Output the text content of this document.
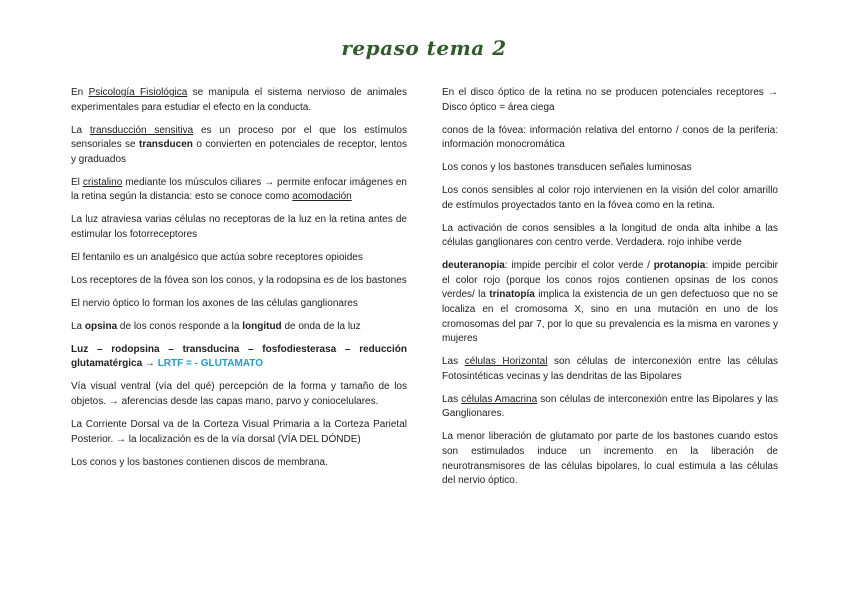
repaso tema 2

En Psicología Fisiológica se manipula el sistema nervioso de animales experimentales para estudiar el efecto en la conducta.

La transducción sensitiva es un proceso por el que los estímulos sensoriales se transducen o convierten en potenciales de receptor, lentos y graduados

El cristalino mediante los músculos ciliares → permite enfocar imágenes en la retina según la distancia: esto se conoce como acomodación

La luz atraviesa varias células no receptoras de la luz en la retina antes de estimular los fotorreceptores

El fentanilo es un analgésico que actúa sobre receptores opioides

Los receptores de la fóvea son los conos, y la rodopsina es de los bastones

El nervio óptico lo forman los axones de las células ganglionares

La opsina de los conos responde a la longitud de onda de la luz

Luz – rodopsina – transducina – fosfodiesterasa – reducción glutamatérgica → LRTF = - GLUTAMATO

Vía visual ventral (vía del qué) percepción de la forma y tamaño de los objetos. → aferencias desde las capas mano, parvo y coniocelulares.

La Corriente Dorsal va de la Corteza Visual Primaria a la Corteza Parietal Posterior. → la localización es de la vía dorsal (VÍA DEL DÓNDE)

Los conos y los bastones contienen discos de membrana.

En el disco óptico de la retina no se producen potenciales receptores → Disco óptico = área ciega

conos de la fóvea: información relativa del entorno / conos de la periferia: información monocromática

Los conos y los bastones transducen señales luminosas

Los conos sensibles al color rojo intervienen en la visión del color amarillo de estímulos proyectados tanto en la fóvea como en la retina.

La activación de conos sensibles a la longitud de onda alta inhibe a las células ganglionares con centro verde. Verdadera. rojo inhibe verde

deuteranopia: impide percibir el color verde / protanopia: impide percibir el color rojo (porque los conos rojos contienen opsinas de los conos verdes/ la trinatopía implica la existencia de un gen defectuoso que no se localiza en el cromosoma X, sino en una mutación en uno de los cromosomas del par 7, por lo que su prevalencia es la misma en varones y mujeres

Las células Horizontal son células de interconexión entre las células Fotosintéticas vecinas y las dendritas de las Bipolares

Las células Amacrina son células de interconexión entre las Bipolares y las Ganglionares.

La menor liberación de glutamato por parte de los bastones cuando estos son estimulados induce un incremento en la liberación de neurotransmisores de las células bipolares, lo cual estimula a las células del nervio óptico.
